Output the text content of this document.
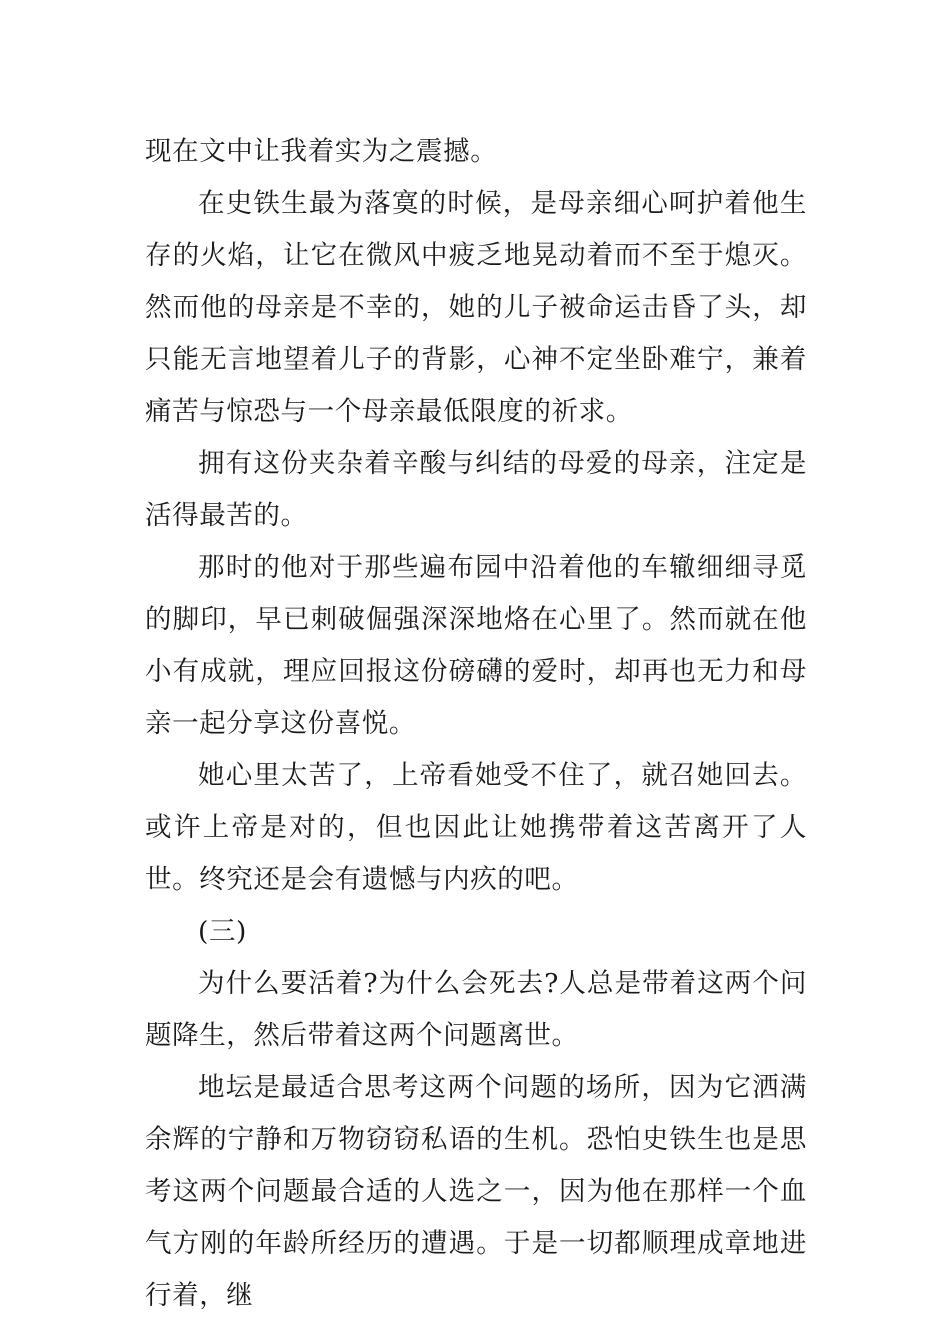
现在文中让我着实为之震撼。

在史铁生最为落寞的时候，是母亲细心呵护着他生存的火焰，让它在微风中疲乏地晃动着而不至于熄灭。然而他的母亲是不幸的，她的儿子被命运击昏了头，却只能无言地望着儿子的背影，心神不定坐卧难宁，兼着痛苦与惊恐与一个母亲最低限度的祈求。

拥有这份夹杂着辛酸与纠结的母爱的母亲，注定是活得最苦的。

那时的他对于那些遍布园中沿着他的车辙细细寻觅的脚印，早已刺破倔强深深地烙在心里了。然而就在他小有成就，理应回报这份磅礴的爱时，却再也无力和母亲一起分享这份喜悦。

她心里太苦了，上帝看她受不住了，就召她回去。或许上帝是对的，但也因此让她携带着这苦离开了人世。终究还是会有遗憾与内疚的吧。

(三)

为什么要活着?为什么会死去?人总是带着这两个问题降生，然后带着这两个问题离世。

地坛是最适合思考这两个问题的场所，因为它洒满余辉的宁静和万物窃窃私语的生机。恐怕史铁生也是思考这两个问题最合适的人选之一，因为他在那样一个血气方刚的年龄所经历的遭遇。于是一切都顺理成章地进行着，继
